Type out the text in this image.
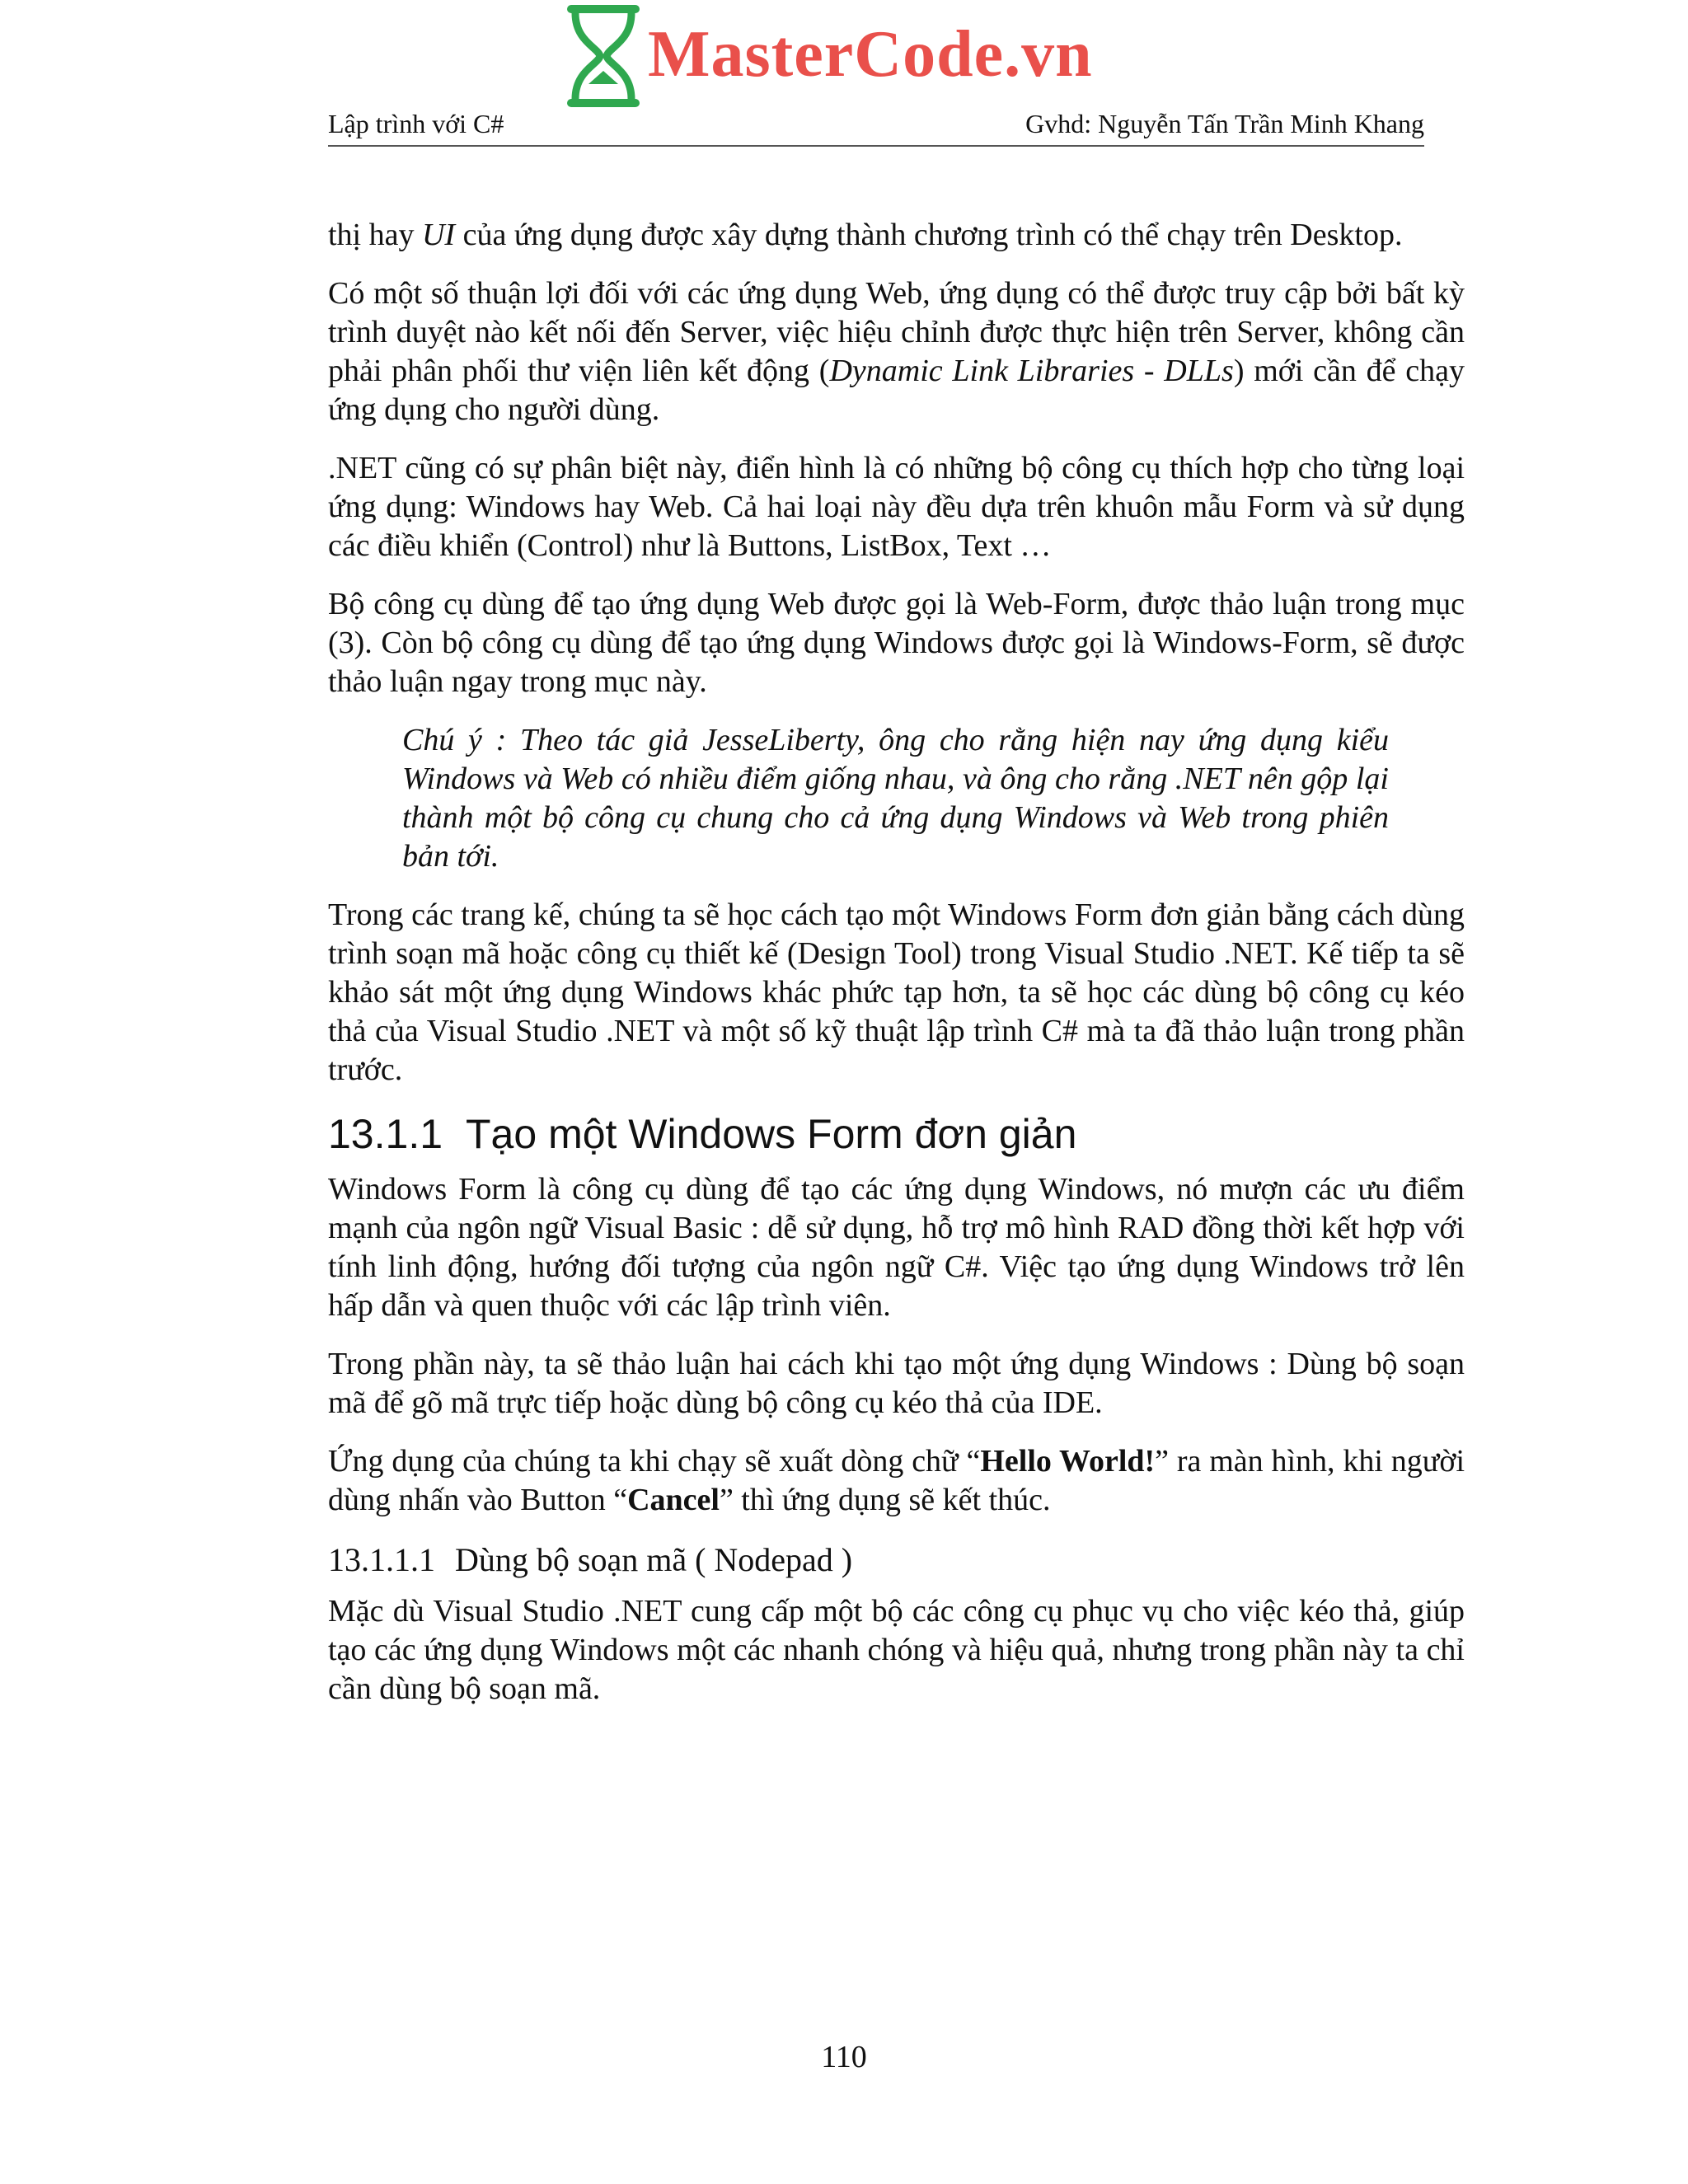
MasterCode.vn
Lập trình với C#	Gvhd: Nguyễn Tấn Trần Minh Khang

thị hay UI của ứng dụng được xây dựng thành chương trình có thể chạy trên Desktop.

Có một số thuận lợi đối với các ứng dụng Web, ứng dụng có thể được truy cập bởi bất kỳ trình duyệt nào kết nối đến Server, việc hiệu chỉnh được thực hiện trên Server, không cần phải phân phối thư viện liên kết động (Dynamic Link Libraries - DLLs) mới cần để chạy ứng dụng cho người dùng.

.NET cũng có sự phân biệt này, điển hình là có những bộ công cụ thích hợp cho từng loại ứng dụng: Windows hay Web. Cả hai loại này đều dựa trên khuôn mẫu Form và sử dụng các điều khiển (Control) như là Buttons, ListBox, Text …

Bộ công cụ dùng để tạo ứng dụng Web được gọi là Web-Form, được thảo luận trong mục (3). Còn bộ công cụ dùng để tạo ứng dụng Windows được gọi là Windows-Form, sẽ được thảo luận ngay trong mục này.

Chú ý : Theo tác giả JesseLiberty, ông cho rằng hiện nay ứng dụng kiểu Windows và Web có nhiều điểm giống nhau, và ông cho rằng .NET nên gộp lại thành một bộ công cụ chung cho cả ứng dụng Windows và Web trong phiên bản tới.

Trong các trang kế, chúng ta sẽ học cách tạo một Windows Form đơn giản bằng cách dùng trình soạn mã hoặc công cụ thiết kế (Design Tool) trong Visual Studio .NET. Kế tiếp ta sẽ khảo sát một ứng dụng Windows khác phức tạp hơn, ta sẽ học các dùng bộ công cụ kéo thả của Visual Studio .NET và một số kỹ thuật lập trình C# mà ta đã thảo luận trong phần trước.

13.1.1 Tạo một Windows Form đơn giản

Windows Form là công cụ dùng để tạo các ứng dụng Windows, nó mượn các ưu điểm mạnh của ngôn ngữ Visual Basic : dễ sử dụng, hỗ trợ mô hình RAD đồng thời kết hợp với tính linh động, hướng đối tượng của ngôn ngữ C#. Việc tạo ứng dụng Windows trở lên hấp dẫn và quen thuộc với các lập trình viên.

Trong phần này, ta sẽ thảo luận hai cách khi tạo một ứng dụng Windows : Dùng bộ soạn mã để gõ mã trực tiếp hoặc dùng bộ công cụ kéo thả của IDE.

Ứng dụng của chúng ta khi chạy sẽ xuất dòng chữ “Hello World!” ra màn hình, khi người dùng nhấn vào Button “Cancel” thì ứng dụng sẽ kết thúc.

13.1.1.1 Dùng bộ soạn mã ( Nodepad )

Mặc dù Visual Studio .NET cung cấp một bộ các công cụ phục vụ cho việc kéo thả, giúp tạo các ứng dụng Windows một các nhanh chóng và hiệu quả, nhưng trong phần này ta chỉ cần dùng bộ soạn mã.

110
